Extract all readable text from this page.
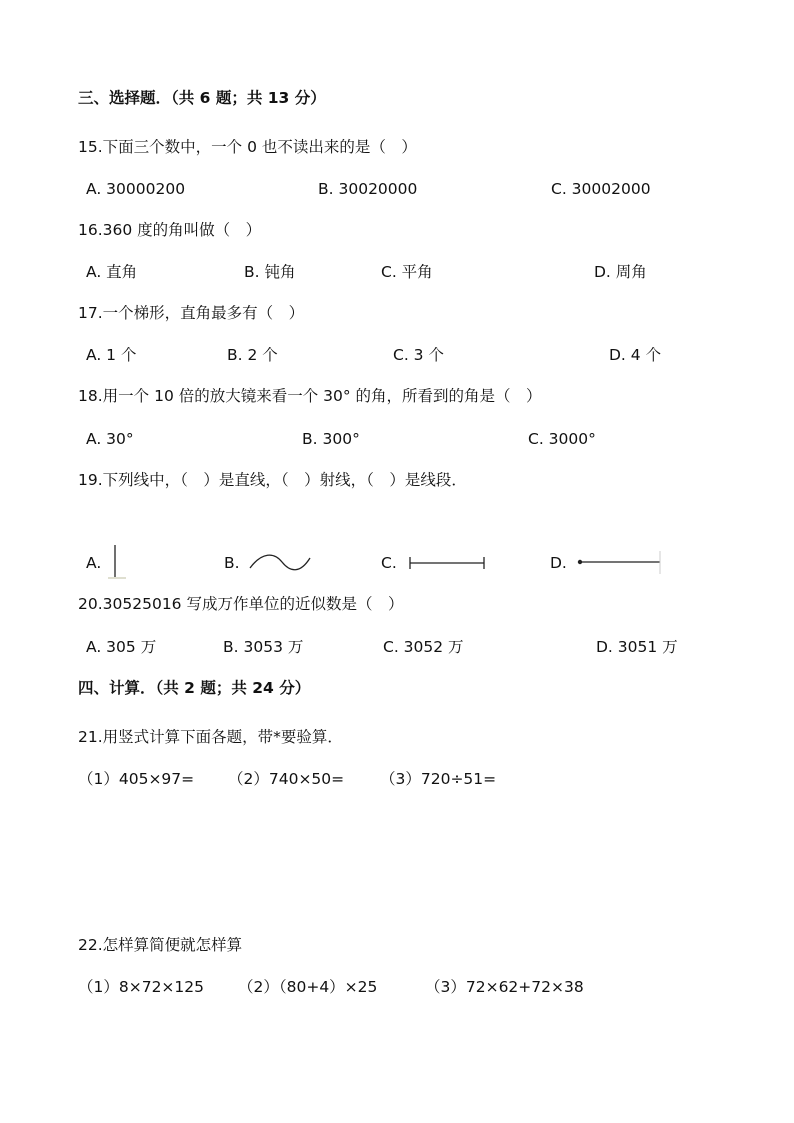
三、选择题．（共 6 题；共 13 分）
15.下面三个数中，一个 0 也不读出来的是（　）
A. 30000200	B. 30020000	C. 30002000
16.360 度的角叫做（　）
A. 直角	B. 钝角	C. 平角	D. 周角
17.一个梯形，直角最多有（　）
A. 1 个	B. 2 个	C. 3 个	D. 4 个
18.用一个 10 倍的放大镜来看一个 30° 的角，所看到的角是（　）
A. 30°	B. 300°	C. 3000°
19.下列线中，（　）是直线，（　）射线，（　）是线段．
A.	B.	C.	D.
20.30525016 写成万作单位的近似数是（　）
A. 305 万	B. 3053 万	C. 3052 万	D. 3051 万
四、计算．（共 2 题；共 24 分）
21.用竖式计算下面各题，带*要验算．
（1）405×97= （2）740×50= （3）720÷51=
22.怎样算简便就怎样算
（1）8×72×125 （2）（80+4）×25	（3）72×62+72×38
